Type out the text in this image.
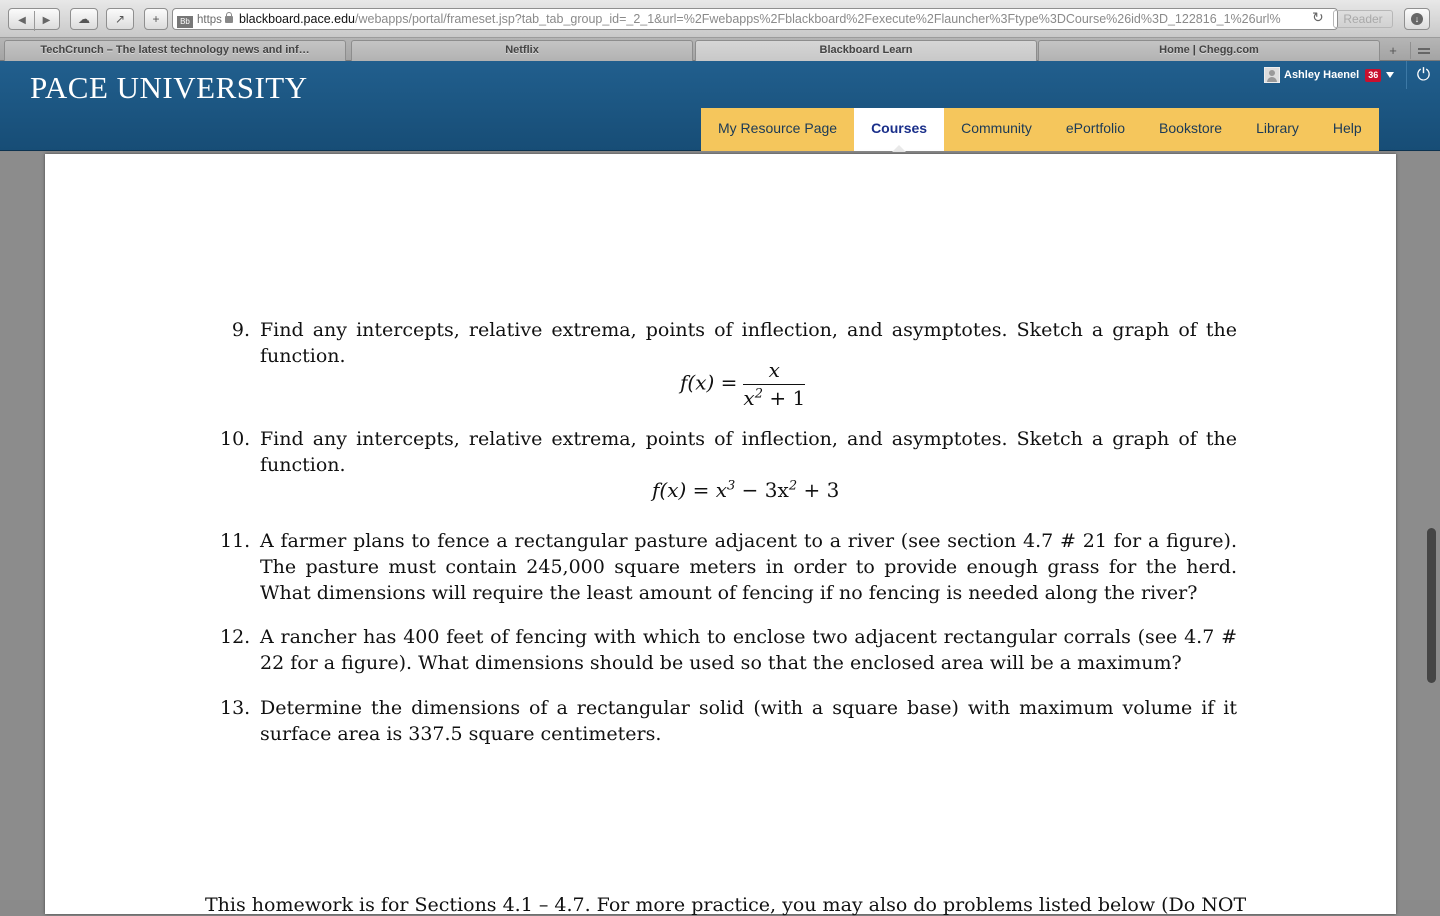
◀ ▶	☁	↗	+	Bb https blackboard.pace.edu/webapps/portal/frameset.jsp?tab_tab_group_id=_2_1&url=%2Fwebapps%2Fblackboard%2Fexecute%2Flauncher%3Ftype%3DCourse%26id%3D_122816_1%26url%	↻	Reader	↓
TechCrunch – The latest technology news and inf…	Netflix	Blackboard Learn	Home | Chegg.com	+
PACE UNIVERSITY	Ashley Haenel 36	⏻
My Resource Page	Courses	Community	ePortfolio	Bookstore	Library	Help
9. Find any intercepts, relative extrema, points of inflection, and asymptotes. Sketch a graph of the function.
$f(x) = \frac{x}{x^2 + 1}$
10. Find any intercepts, relative extrema, points of inflection, and asymptotes. Sketch a graph of the function.
$f(x) = x^3 - 3x^2 + 3$
11. A farmer plans to fence a rectangular pasture adjacent to a river (see section 4.7 # 21 for a figure). The pasture must contain 245,000 square meters in order to provide enough grass for the herd. What dimensions will require the least amount of fencing if no fencing is needed along the river?
12. A rancher has 400 feet of fencing with which to enclose two adjacent rectangular corrals (see 4.7 # 22 for a figure). What dimensions should be used so that the enclosed area will be a maximum?
13. Determine the dimensions of a rectangular solid (with a square base) with maximum volume if it surface area is 337.5 square centimeters.
This homework is for Sections 4.1 – 4.7. For more practice, you may also do problems listed below (Do NOT
